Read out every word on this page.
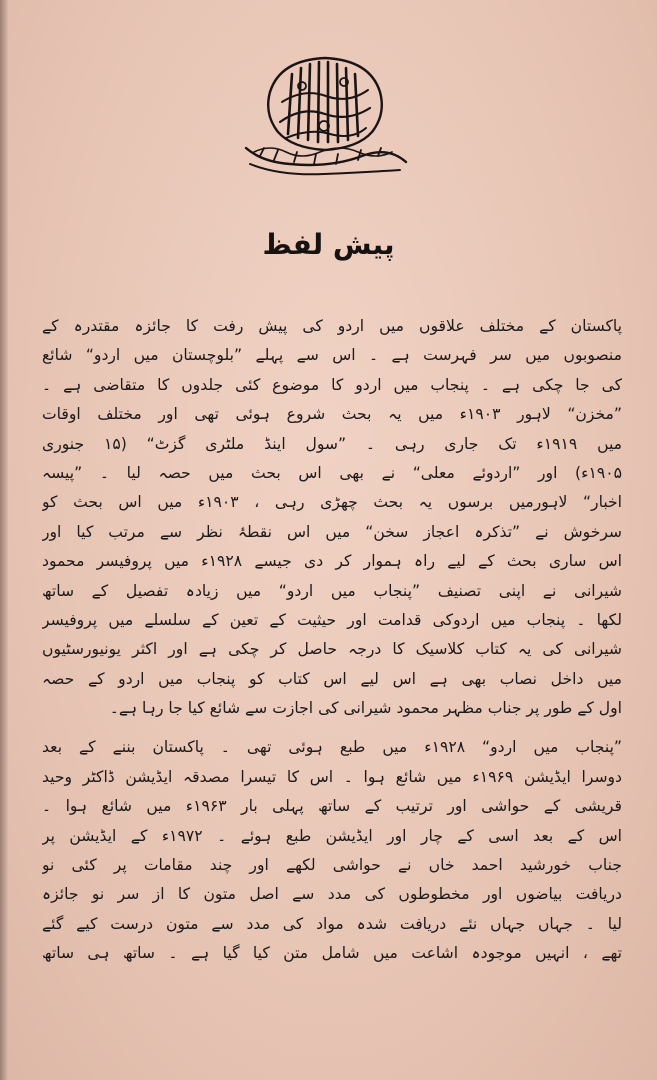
پیش لفظ
پاکستان کے مختلف علاقوں میں اردو کی پیش رفت کا جائزہ مقتدرہ کے
منصوبوں میں سر فہرست ہے ۔ اس سے پہلے ”بلوچستان میں اردو“ شائع
کی جا چکی ہے ۔ پنجاب میں اردو کا موضوع کئی جلدوں کا متقاضی ہے ۔
”مخزن“ لاہور ۱۹۰۳ء میں یہ بحث شروع ہوئی تھی اور مختلف اوقات
میں ۱۹۱۹ء تک جاری رہی ۔ ”سول اینڈ ملٹری گزٹ“ (۱۵ جنوری
۱۹۰۵ء) اور ”اردوئے معلی“ نے بھی اس بحث میں حصہ لیا ۔ ”پیسہ
اخبار“ لاہورمیں برسوں یہ بحث چھڑی رہی ، ۱۹۰۳ء میں اس بحث کو
سرخوش نے ”تذکرہ اعجاز سخن“ میں اس نقطۂ نظر سے مرتب کیا اور
اس ساری بحث کے لیے راہ ہموار کر دی جیسے ۱۹۲۸ء میں پروفیسر محمود
شیرانی نے اپنی تصنیف ”پنجاب میں اردو“ میں زیادہ تفصیل کے ساتھ
لکھا ۔ پنجاب میں اردوکی قدامت اور حیثیت کے تعین کے سلسلے میں پروفیسر
شیرانی کی یہ کتاب کلاسیک کا درجہ حاصل کر چکی ہے اور اکثر یونیورسٹیوں
میں داخل نصاب بھی ہے اس لیے اس کتاب کو پنجاب میں اردو کے حصہ
اول کے طور پر جناب مظہر محمود شیرانی کی اجازت سے شائع کیا جا رہا ہے۔
”پنجاب میں اردو“ ۱۹۲۸ء میں طبع ہوئی تھی ۔ پاکستان بننے کے بعد
دوسرا ایڈیشن ۱۹۶۹ء میں شائع ہوا ۔ اس کا تیسرا مصدقہ ایڈیشن ڈاکٹر وحید
قریشی کے حواشی اور ترتیب کے ساتھ پہلی بار ۱۹۶۳ء میں شائع ہوا ۔
اس کے بعد اسی کے چار اور ایڈیشن طبع ہوئے ۔ ۱۹۷۲ء کے ایڈیشن پر
جناب خورشید احمد خاں نے حواشی لکھے اور چند مقامات پر کئی نو
دریافت بیاضوں اور مخطوطوں کی مدد سے اصل متون کا از سر نو جائزہ
لیا ۔ جہاں جہاں نئے دریافت شدہ مواد کی مدد سے متون درست کیے گئے
تھے ، انہیں موجودہ اشاعت میں شامل متن کیا گیا ہے ۔ ساتھ ہی ساتھ
